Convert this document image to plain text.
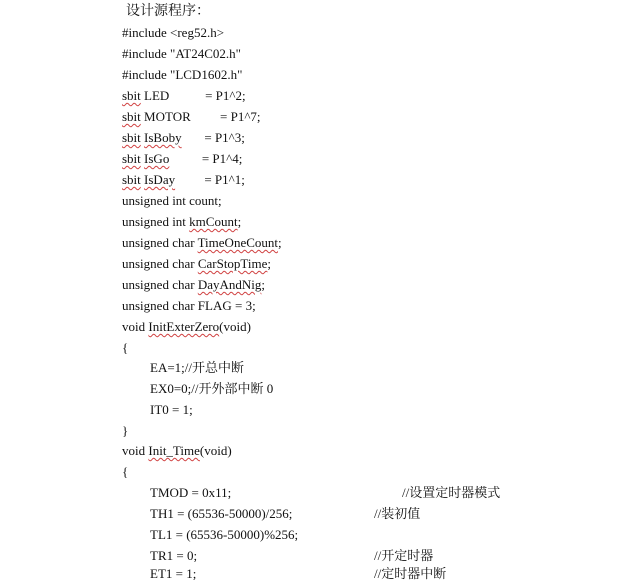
设计源程序：
#include <reg52.h>
#include "AT24C02.h"
#include "LCD1602.h"
sbit LED           = P1^2;
sbit MOTOR         = P1^7;
sbit IsBoby       = P1^3;
sbit IsGo          = P1^4;
sbit IsDay         = P1^1;
unsigned int count;
unsigned int kmCount;
unsigned char TimeOneCount;
unsigned char CarStopTime;
unsigned char DayAndNig;
unsigned char FLAG = 3;
void InitExterZero(void)
{
EA=1;//开总中断
EX0=0;//开外部中断 0
IT0 = 1;
}
void Init_Time(void)
{
TMOD = 0x11;	//设置定时器模式
TH1 = (65536-50000)/256;	//装初值
TL1 = (65536-50000)%256;
TR1 = 0;	//开定时器
ET1 = 1;	//定时器中断
